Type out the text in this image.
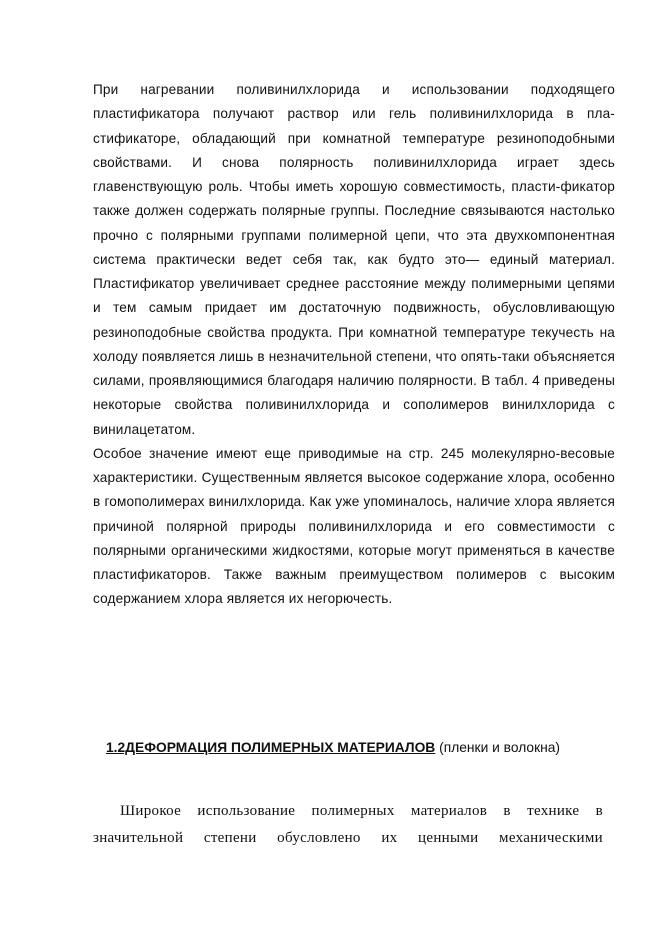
При нагревании поливинилхлорида и использовании подходящего пластификатора получают раствор или гель поливинилхлорида в пла-стификаторе, обладающий при комнатной температуре резиноподобными свойствами. И снова полярность поливинилхлорида играет здесь главенствующую роль. Чтобы иметь хорошую совместимость, пласти-фикатор также должен содержать полярные группы. Последние связываются настолько прочно с полярными группами полимерной цепи, что эта двухкомпонентная система практически ведет себя так, как будто это— единый материал. Пластификатор увеличивает среднее расстояние между полимерными цепями и тем самым придает им достаточную подвижность, обусловливающую резиноподобные свойства продукта. При комнатной температуре текучесть на холоду появляется лишь в незначительной степени, что опять-таки объясняется силами, проявляющимися благодаря наличию полярности. В табл. 4 приведены некоторые свойства поливинилхлорида и сополимеров винилхлорида с винилацетатом.

Особое значение имеют еще приводимые на стр. 245 молекулярно-весовые характеристики. Существенным является высокое содержание хлора, особенно в гомополимерах винилхлорида. Как уже упоминалось, наличие хлора является причиной полярной природы поливинилхлорида и его совместимости с полярными органическими жидкостями, которые могут применяться в качестве пластификаторов. Также важным преимуществом полимеров с высоким содержанием хлора является их негорючесть.

1.2ДЕФОРМАЦИЯ ПОЛИМЕРНЫХ МАТЕРИАЛОВ (пленки и волокна)

Широкое использование полимерных материалов в технике в значительной степени обусловлено их ценными механическими
